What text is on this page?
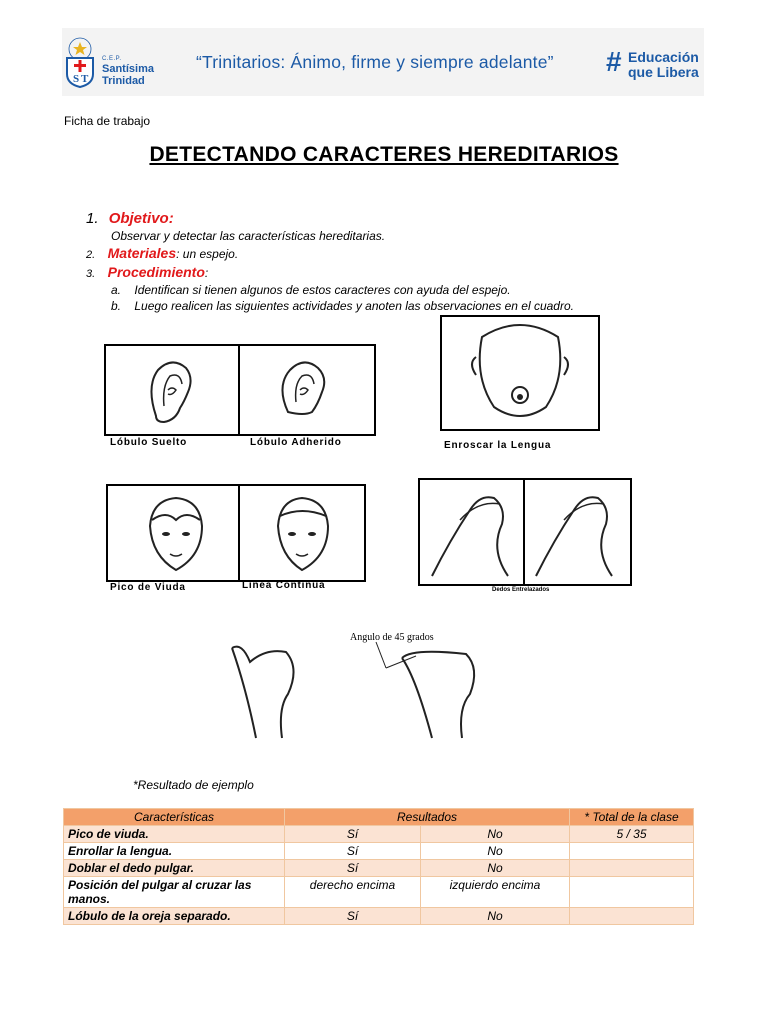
S T
C.E.P.
Santísima
Trinidad
“Trinitarios: Ánimo, firme y siempre adelante” # Educación
que Libera
Ficha de trabajo
DETECTANDO CARACTERES HEREDITARIOS
1. Objetivo:
Observar y detectar las características hereditarias.
2. Materiales: un espejo.
3. Procedimiento:
a. Identifican si tienen algunos de estos caracteres con ayuda del espejo.
b. Luego realicen las siguientes actividades y anoten las observaciones en el cuadro.
Lóbulo Suelto	Lóbulo Adherido	Enroscar la Lengua
Pico de Viuda	Línea Contínua	Dedos Entrelazados
Angulo de 45 grados
*Resultado de ejemplo
Características	Resultados		* Total de la clase
Pico de viuda.	Sí	No	5 / 35
Enrollar la lengua.	Sí	No	
Doblar el dedo pulgar.	Sí	No	
Posición del pulgar al cruzar las manos.	derecho encima	izquierdo encima	
Lóbulo de la oreja separado.	Sí	No	
